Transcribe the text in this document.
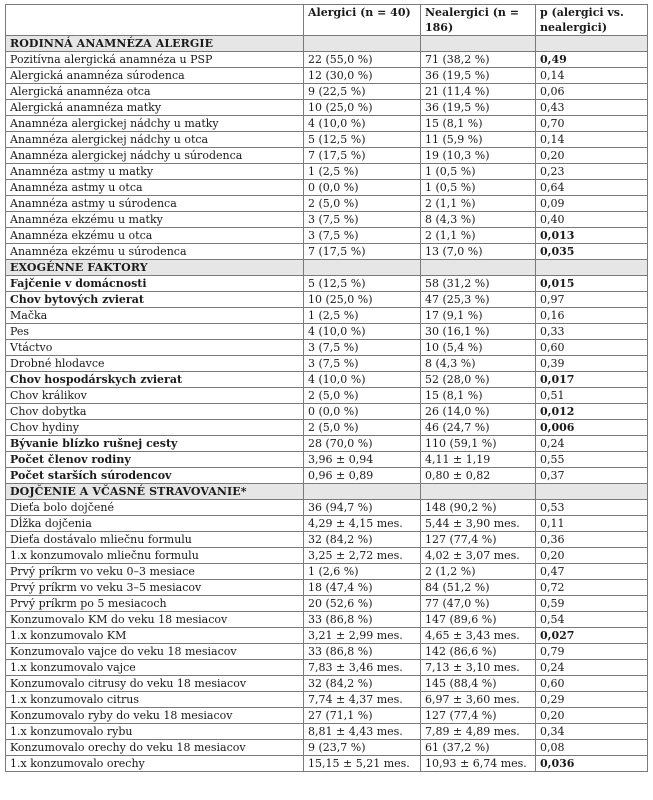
	Alergici (n = 40)	Nealergici (n = 186)	p (alergici vs. nealergici)
RODINNÁ ANAMNÉZA ALERGIE			
Pozitívna alergická anamnéza u PSP	22 (55,0 %)	71 (38,2 %)	0,49
Alergická anamnéza súrodenca	12 (30,0 %)	36 (19,5 %)	0,14
Alergická anamnéza otca	9 (22,5 %)	21 (11,4 %)	0,06
Alergická anamnéza matky	10 (25,0 %)	36 (19,5 %)	0,43
Anamnéza alergickej nádchy u matky	4 (10,0 %)	15 (8,1 %)	0,70
Anamnéza alergickej nádchy u otca	5 (12,5 %)	11 (5,9 %)	0,14
Anamnéza alergickej nádchy u súrodenca	7 (17,5 %)	19 (10,3 %)	0,20
Anamnéza astmy u matky	1 (2,5 %)	1 (0,5 %)	0,23
Anamnéza astmy u otca	0 (0,0 %)	1 (0,5 %)	0,64
Anamnéza astmy u súrodenca	2 (5,0 %)	2 (1,1 %)	0,09
Anamnéza ekzému u matky	3 (7,5 %)	8 (4,3 %)	0,40
Anamnéza ekzému u otca	3 (7,5 %)	2 (1,1 %)	0,013
Anamnéza ekzému u súrodenca	7 (17,5 %)	13 (7,0 %)	0,035
EXOGÉNNE FAKTORY			
Fajčenie v domácnosti	5 (12,5 %)	58 (31,2 %)	0,015
Chov bytových zvierat	10 (25,0 %)	47 (25,3 %)	0,97
Mačka	1 (2,5 %)	17 (9,1 %)	0,16
Pes	4 (10,0 %)	30 (16,1 %)	0,33
Vtáctvo	3 (7,5 %)	10 (5,4 %)	0,60
Drobné hlodavce	3 (7,5 %)	8 (4,3 %)	0,39
Chov hospodárskych zvierat	4 (10,0 %)	52 (28,0 %)	0,017
Chov králikov	2 (5,0 %)	15 (8,1 %)	0,51
Chov dobytka	0 (0,0 %)	26 (14,0 %)	0,012
Chov hydiny	2 (5,0 %)	46 (24,7 %)	0,006
Bývanie blízko rušnej cesty	28 (70,0 %)	110 (59,1 %)	0,24
Počet členov rodiny	3,96 ± 0,94	4,11 ± 1,19	0,55
Počet starších súrodencov	0,96 ± 0,89	0,80 ± 0,82	0,37
DOJČENIE A VČASNÉ STRAVOVANIE*			
Dieťa bolo dojčené	36 (94,7 %)	148 (90,2 %)	0,53
Dĺžka dojčenia	4,29 ± 4,15 mes.	5,44 ± 3,90 mes.	0,11
Dieťa dostávalo mliečnu formulu	32 (84,2 %)	127 (77,4 %)	0,36
1.x konzumovalo mliečnu formulu	3,25 ± 2,72 mes.	4,02 ± 3,07 mes.	0,20
Prvý príkrm vo veku 0–3 mesiace	1 (2,6 %)	2 (1,2 %)	0,47
Prvý príkrm vo veku 3–5 mesiacov	18 (47,4 %)	84 (51,2 %)	0,72
Prvý príkrm po 5 mesiacoch	20 (52,6 %)	77 (47,0 %)	0,59
Konzumovalo KM do veku 18 mesiacov	33 (86,8 %)	147 (89,6 %)	0,54
1.x konzumovalo KM	3,21 ± 2,99 mes.	4,65 ± 3,43 mes.	0,027
Konzumovalo vajce do veku 18 mesiacov	33 (86,8 %)	142 (86,6 %)	0,79
1.x konzumovalo vajce	7,83 ± 3,46 mes.	7,13 ± 3,10 mes.	0,24
Konzumovalo citrusy do veku 18 mesiacov	32 (84,2 %)	145 (88,4 %)	0,60
1.x konzumovalo citrus	7,74 ± 4,37 mes.	6,97 ± 3,60 mes.	0,29
Konzumovalo ryby do veku 18 mesiacov	27 (71,1 %)	127 (77,4 %)	0,20
1.x konzumovalo rybu	8,81 ± 4,43 mes.	7,89 ± 4,89 mes.	0,34
Konzumovalo orechy do veku 18 mesiacov	9 (23,7 %)	61 (37,2 %)	0,08
1.x konzumovalo orechy	15,15 ± 5,21 mes.	10,93 ± 6,74 mes.	0,036
